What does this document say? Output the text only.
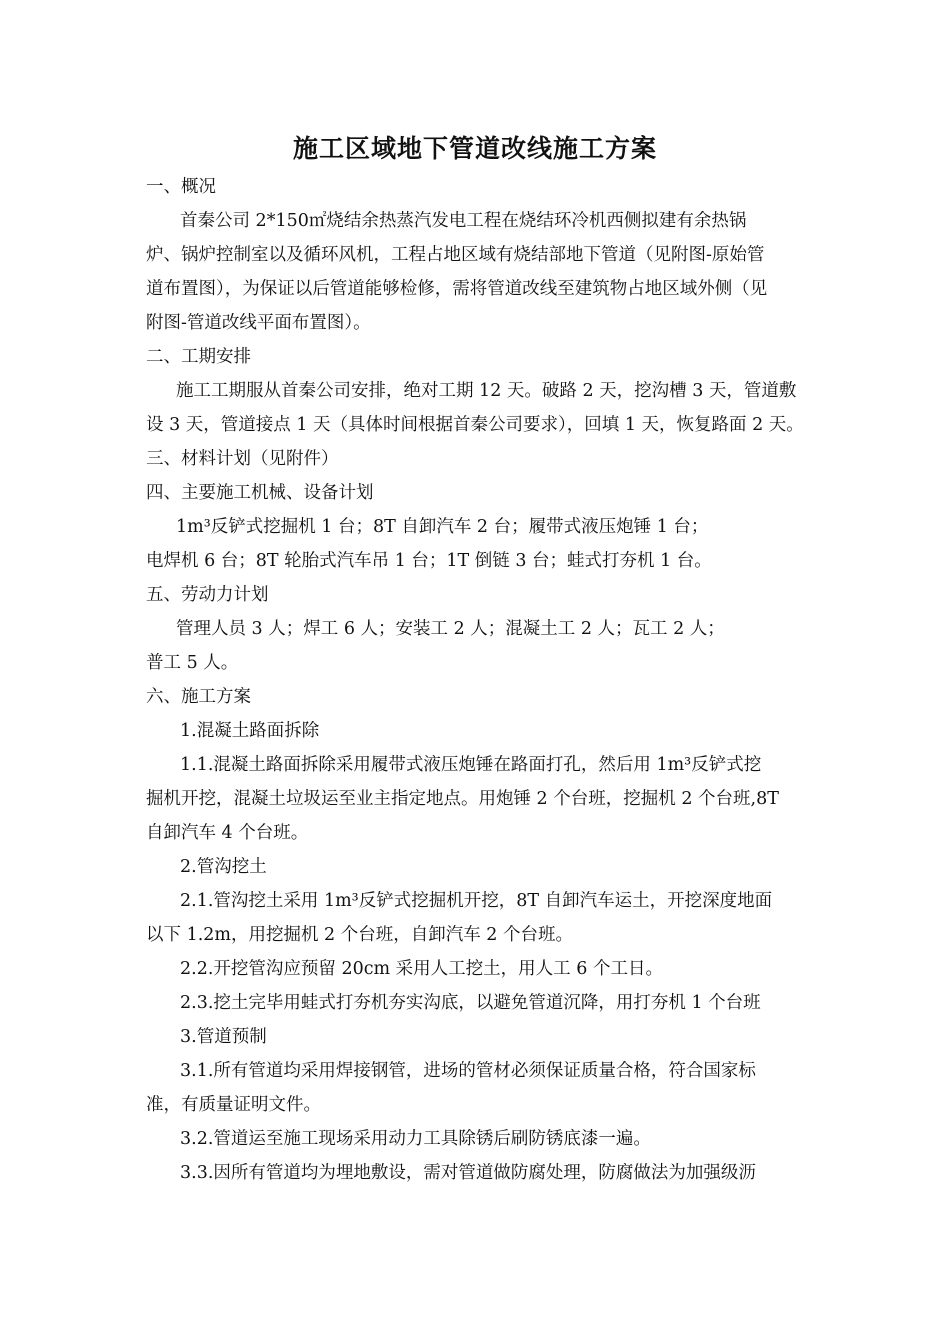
施工区域地下管道改线施工方案
一、概况
首秦公司 2*150㎡烧结余热蒸汽发电工程在烧结环冷机西侧拟建有余热锅
炉、锅炉控制室以及循环风机，工程占地区域有烧结部地下管道（见附图-原始管
道布置图），为保证以后管道能够检修，需将管道改线至建筑物占地区域外侧（见
附图-管道改线平面布置图）。
二、工期安排
施工工期服从首秦公司安排，绝对工期 12 天。破路 2 天，挖沟槽 3 天，管道敷
设 3 天，管道接点 1 天（具体时间根据首秦公司要求），回填 1 天，恢复路面 2 天。
三、材料计划（见附件）
四、主要施工机械、设备计划
1m³反铲式挖掘机 1 台；8T 自卸汽车 2 台；履带式液压炮锤 1 台；
电焊机 6 台；8T 轮胎式汽车吊 1 台；1T 倒链 3 台；蛙式打夯机 1 台。
五、劳动力计划
管理人员 3 人；焊工 6 人；安装工 2 人；混凝土工 2 人；瓦工 2 人；
普工 5 人。
六、施工方案
1.混凝土路面拆除
1.1.混凝土路面拆除采用履带式液压炮锤在路面打孔，然后用 1m³反铲式挖
掘机开挖，混凝土垃圾运至业主指定地点。用炮锤 2 个台班，挖掘机 2 个台班,8T
自卸汽车 4 个台班。
2.管沟挖土
2.1.管沟挖土采用 1m³反铲式挖掘机开挖，8T 自卸汽车运土，开挖深度地面
以下 1.2m，用挖掘机 2 个台班，自卸汽车 2 个台班。
2.2.开挖管沟应预留 20cm 采用人工挖土，用人工 6 个工日。
2.3.挖土完毕用蛙式打夯机夯实沟底，以避免管道沉降，用打夯机 1 个台班
3.管道预制
3.1.所有管道均采用焊接钢管，进场的管材必须保证质量合格，符合国家标
准，有质量证明文件。
3.2.管道运至施工现场采用动力工具除锈后刷防锈底漆一遍。
3.3.因所有管道均为埋地敷设，需对管道做防腐处理，防腐做法为加强级沥
